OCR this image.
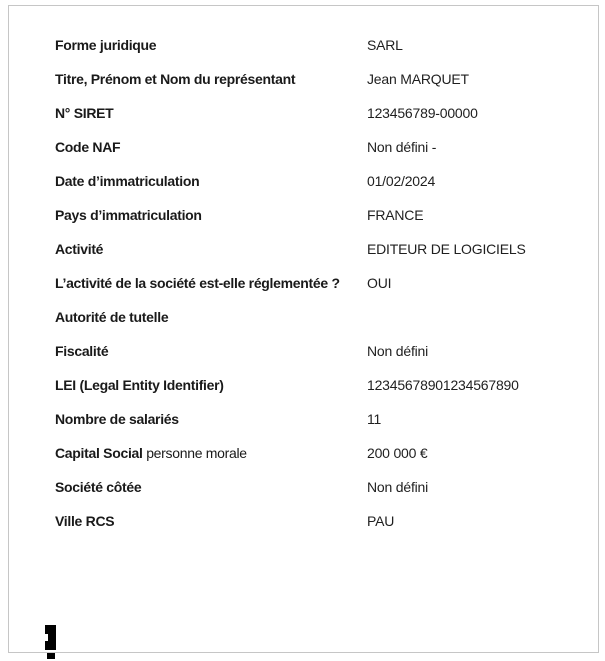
Forme juridique	SARL
Titre, Prénom et Nom du représentant	Jean MARQUET
N° SIRET	123456789-00000
Code NAF	Non défini -
Date d’immatriculation	01/02/2024
Pays d’immatriculation	FRANCE
Activité	EDITEUR DE LOGICIELS
L’activité de la société est-elle réglementée ?	OUI
Autorité de tutelle
Fiscalité	Non défini
LEI (Legal Entity Identifier)	12345678901234567890
Nombre de salariés	11
Capital Social personne morale	200 000 €
Société côtée	Non défini
Ville RCS	PAU
